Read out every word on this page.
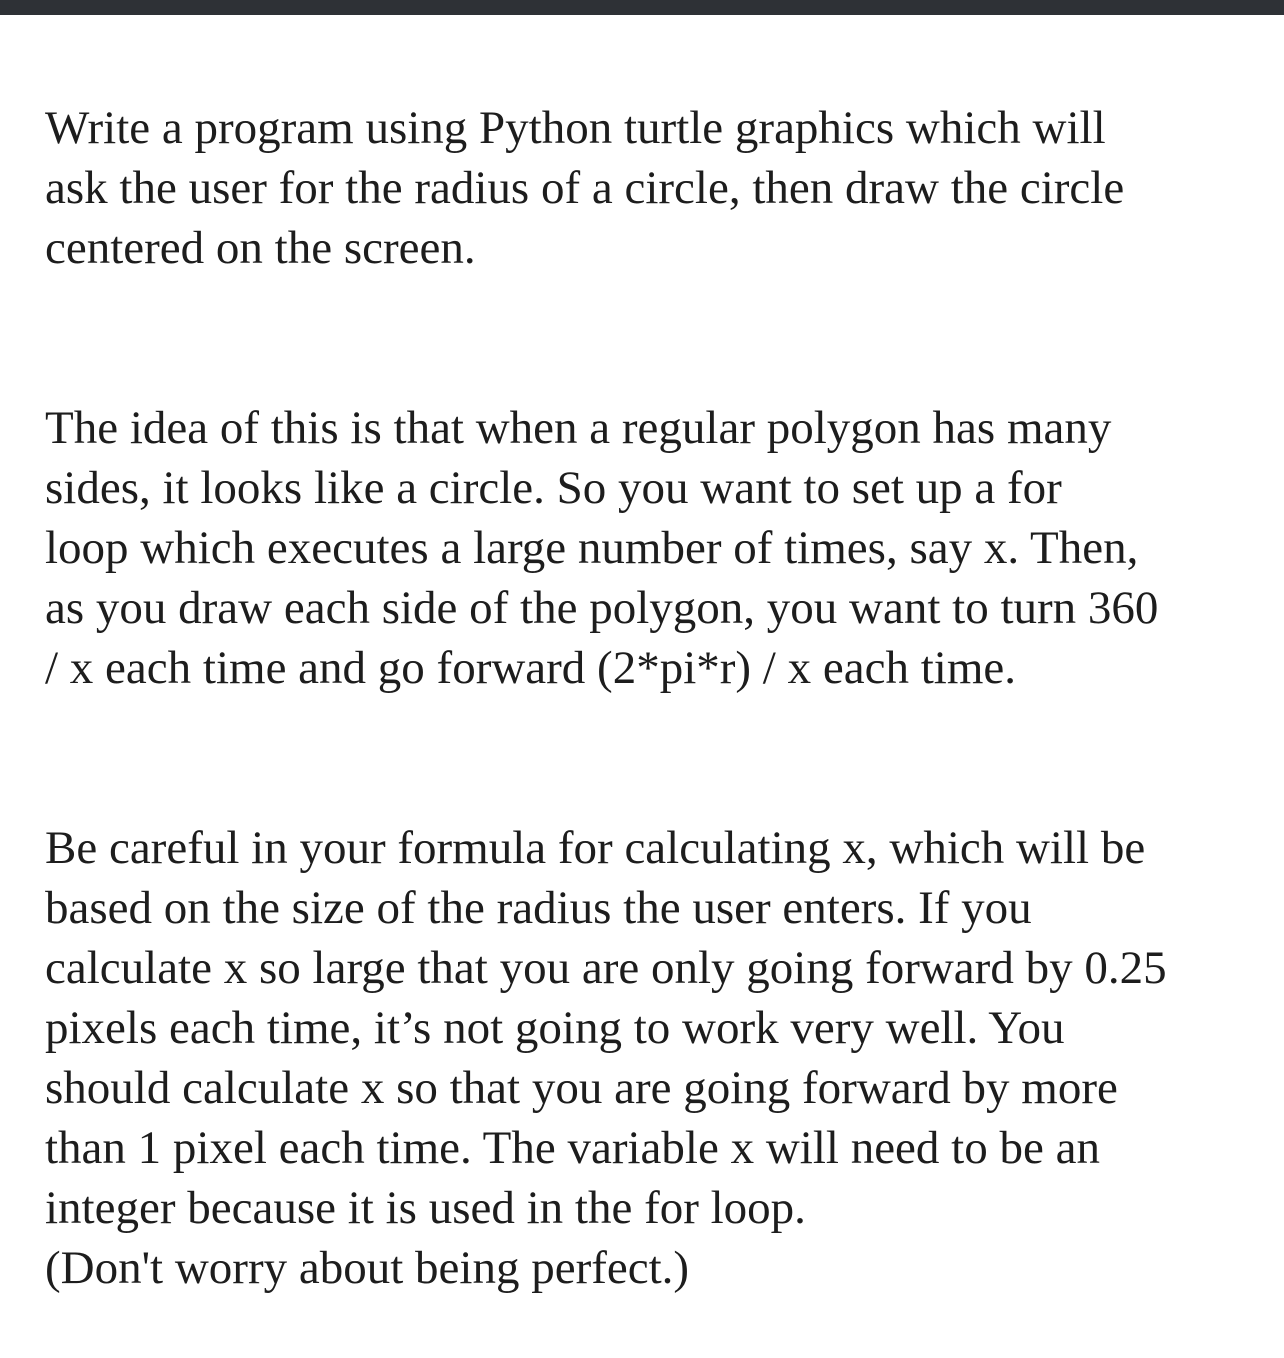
Write a program using Python turtle graphics which will
ask the user for the radius of a circle, then draw the circle
centered on the screen.

The idea of this is that when a regular polygon has many
sides, it looks like a circle. So you want to set up a for
loop which executes a large number of times, say x. Then,
as you draw each side of the polygon, you want to turn 360
/ x each time and go forward (2*pi*r) / x each time.

Be careful in your formula for calculating x, which will be
based on the size of the radius the user enters. If you
calculate x so large that you are only going forward by 0.25
pixels each time, it’s not going to work very well. You
should calculate x so that you are going forward by more
than 1 pixel each time. The variable x will need to be an
integer because it is used in the for loop.
(Don't worry about being perfect.)
